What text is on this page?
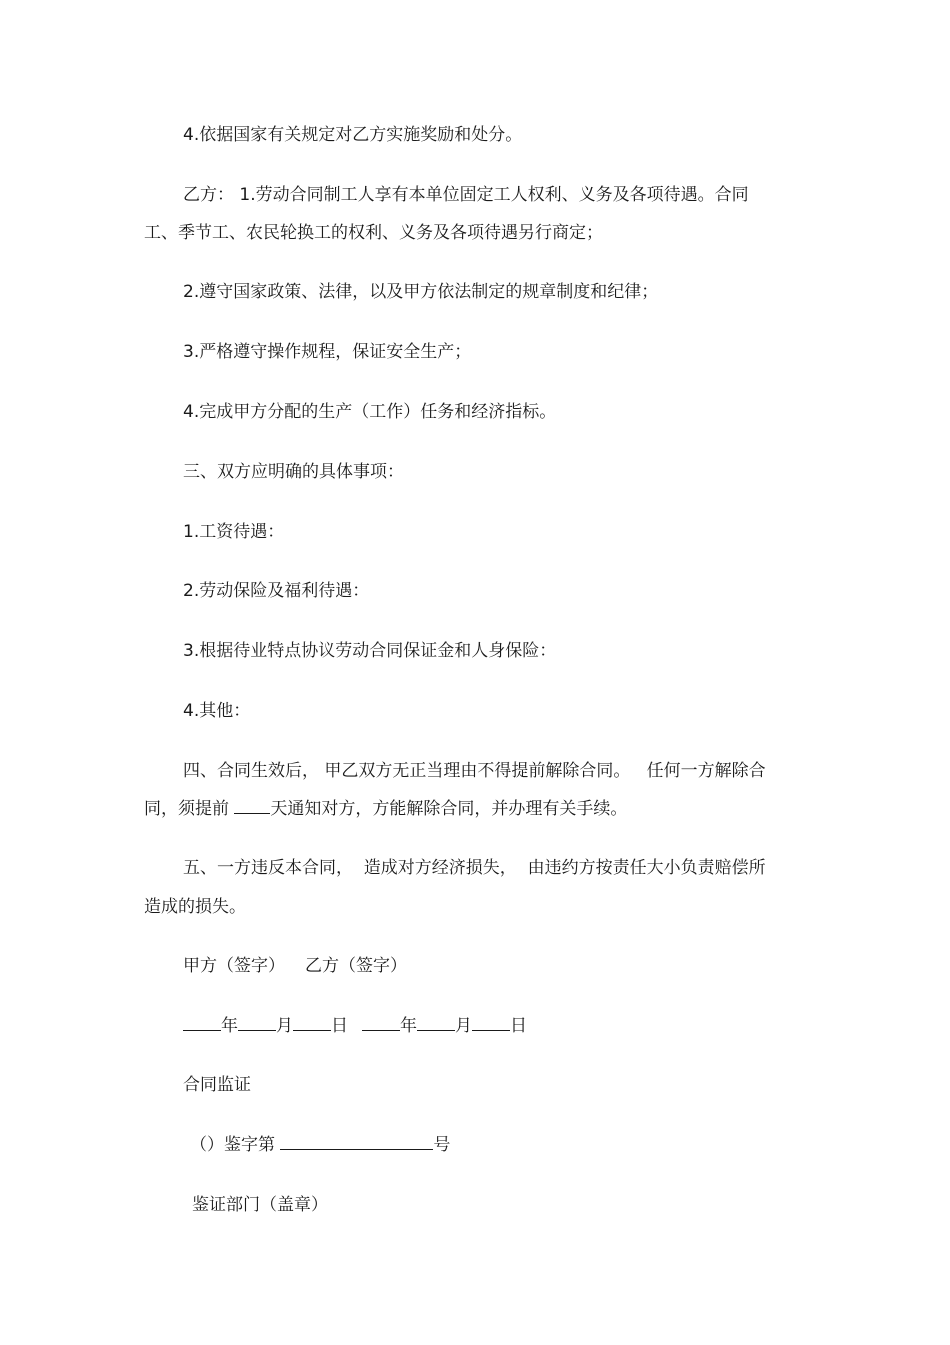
4.依据国家有关规定对乙方实施奖励和处分。

乙方： 1.劳动合同制工人享有本单位固定工人权利、义务及各项待遇。合同

工、季节工、农民轮换工的权利、义务及各项待遇另行商定；

2.遵守国家政策、法律，以及甲方依法制定的规章制度和纪律；

3.严格遵守操作规程，保证安全生产；

4.完成甲方分配的生产（工作）任务和经济指标。

三、双方应明确的具体事项：

1.工资待遇：

2.劳动保险及福利待遇：

3.根据待业特点协议劳动合同保证金和人身保险：

4.其他：

四、合同生效后， 甲乙双方无正当理由不得提前解除合同。   任何一方解除合

同，须提前 天通知对方，方能解除合同，并办理有关手续。

五、一方违反本合同，  造成对方经济损失，  由违约方按责任大小负责赔偿所

造成的损失。

甲方（签字） 乙方（签字）

年 月 日	年 月 日

合同监证

（）鉴字第	号

鉴证部门（盖章）
